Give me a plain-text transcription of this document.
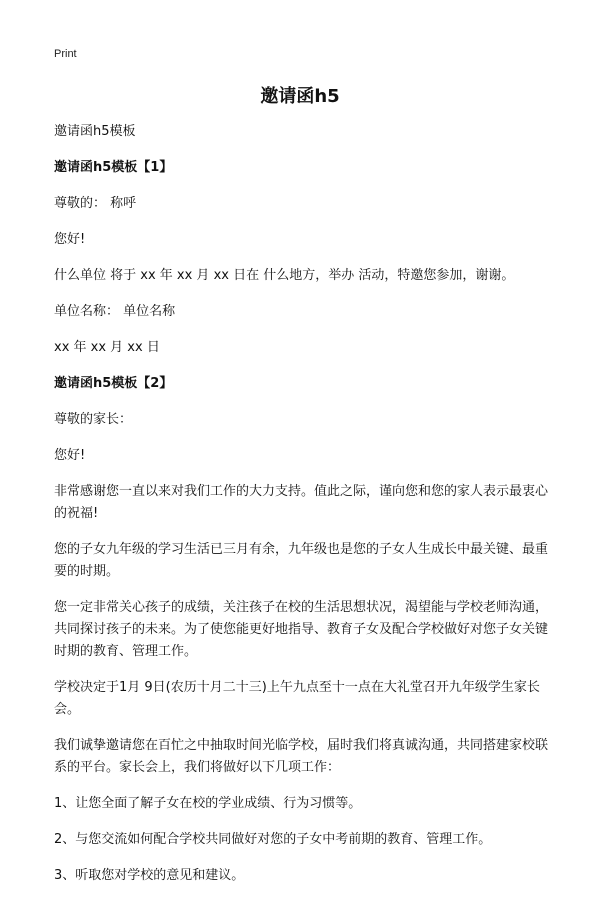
Print
邀请函h5

邀请函h5模板

邀请函h5模板【1】

尊敬的： 称呼

您好!

什么单位 将于 xx 年 xx 月 xx 日在 什么地方，举办 活动，特邀您参加，谢谢。

单位名称： 单位名称

xx 年 xx 月 xx 日

邀请函h5模板【2】

尊敬的家长：

您好!

非常感谢您一直以来对我们工作的大力支持。值此之际，谨向您和您的家人表示最衷心的祝福!

您的子女九年级的学习生活已三月有余，九年级也是您的子女人生成长中最关键、最重要的时期。

您一定非常关心孩子的成绩，关注孩子在校的生活思想状况，渴望能与学校老师沟通，共同探讨孩子的未来。为了使您能更好地指导、教育子女及配合学校做好对您子女关键时期的教育、管理工作。

学校决定于1月 9日(农历十月二十三)上午九点至十一点在大礼堂召开九年级学生家长会。

我们诚挚邀请您在百忙之中抽取时间光临学校，届时我们将真诚沟通，共同搭建家校联系的平台。家长会上，我们将做好以下几项工作：

1、让您全面了解子女在校的学业成绩、行为习惯等。

2、与您交流如何配合学校共同做好对您的子女中考前期的教育、管理工作。

3、听取您对学校的意见和建议。
